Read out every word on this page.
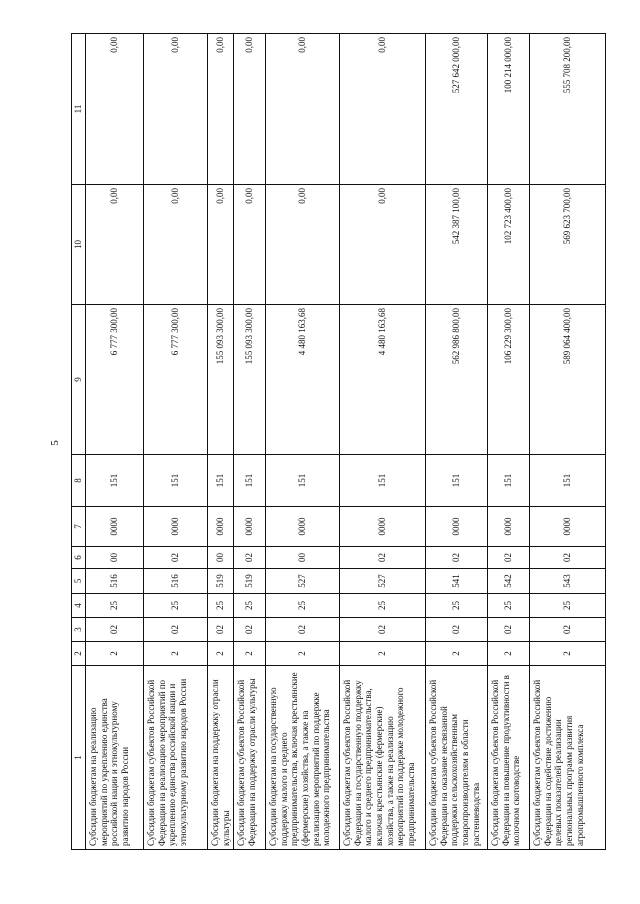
5
1	2	3	4	5	6	7	8	9	10	11
Субсидии бюджетам на реализацию мероприятий по укреплению единства российской нации и этнокультурному развитию народов России	2	02	25	516	00	0000	151	6 777 300,00	0,00	0,00
Субсидии бюджетам субъектов Российской Федерации на реализацию мероприятий по укреплению единства российской нации и этнокультурному развитию народов России	2	02	25	516	02	0000	151	6 777 300,00	0,00	0,00
Субсидии бюджетам на поддержку отрасли культуры	2	02	25	519	00	0000	151	155 093 300,00	0,00	0,00
Субсидии бюджетам субъектов Российской Федерации на поддержку отрасли культуры	2	02	25	519	02	0000	151	155 093 300,00	0,00	0,00
Субсидии бюджетам на государственную поддержку малого и среднего предпринимательства, включая крестьянские (фермерские) хозяйства, а также на реализацию мероприятий по поддержке молодежного предпринимательства	2	02	25	527	00	0000	151	4 480 163,68	0,00	0,00
Субсидии бюджетам субъектов Российской Федерации на государственную поддержку малого и среднего предпринимательства, включая крестьянские (фермерские) хозяйства, а также на реализацию мероприятий по поддержке молодежного предпринимательства	2	02	25	527	02	0000	151	4 480 163,68	0,00	0,00
Субсидии бюджетам субъектов Российской Федерации на оказание несвязанной поддержки сельскохозяйственным товаропроизводителям в области растениеводства	2	02	25	541	02	0000	151	562 986 800,00	542 387 100,00	527 642 000,00
Субсидии бюджетам субъектов Российской Федерации на повышение продуктивности в молочном скотоводстве	2	02	25	542	02	0000	151	106 229 300,00	102 723 400,00	100 214 000,00
Субсидии бюджетам субъектов Российской Федерации на содействие достижению целевых показателей реализации региональных программ развития агропромышленного комплекса	2	02	25	543	02	0000	151	589 064 400,00	569 623 700,00	555 708 200,00
